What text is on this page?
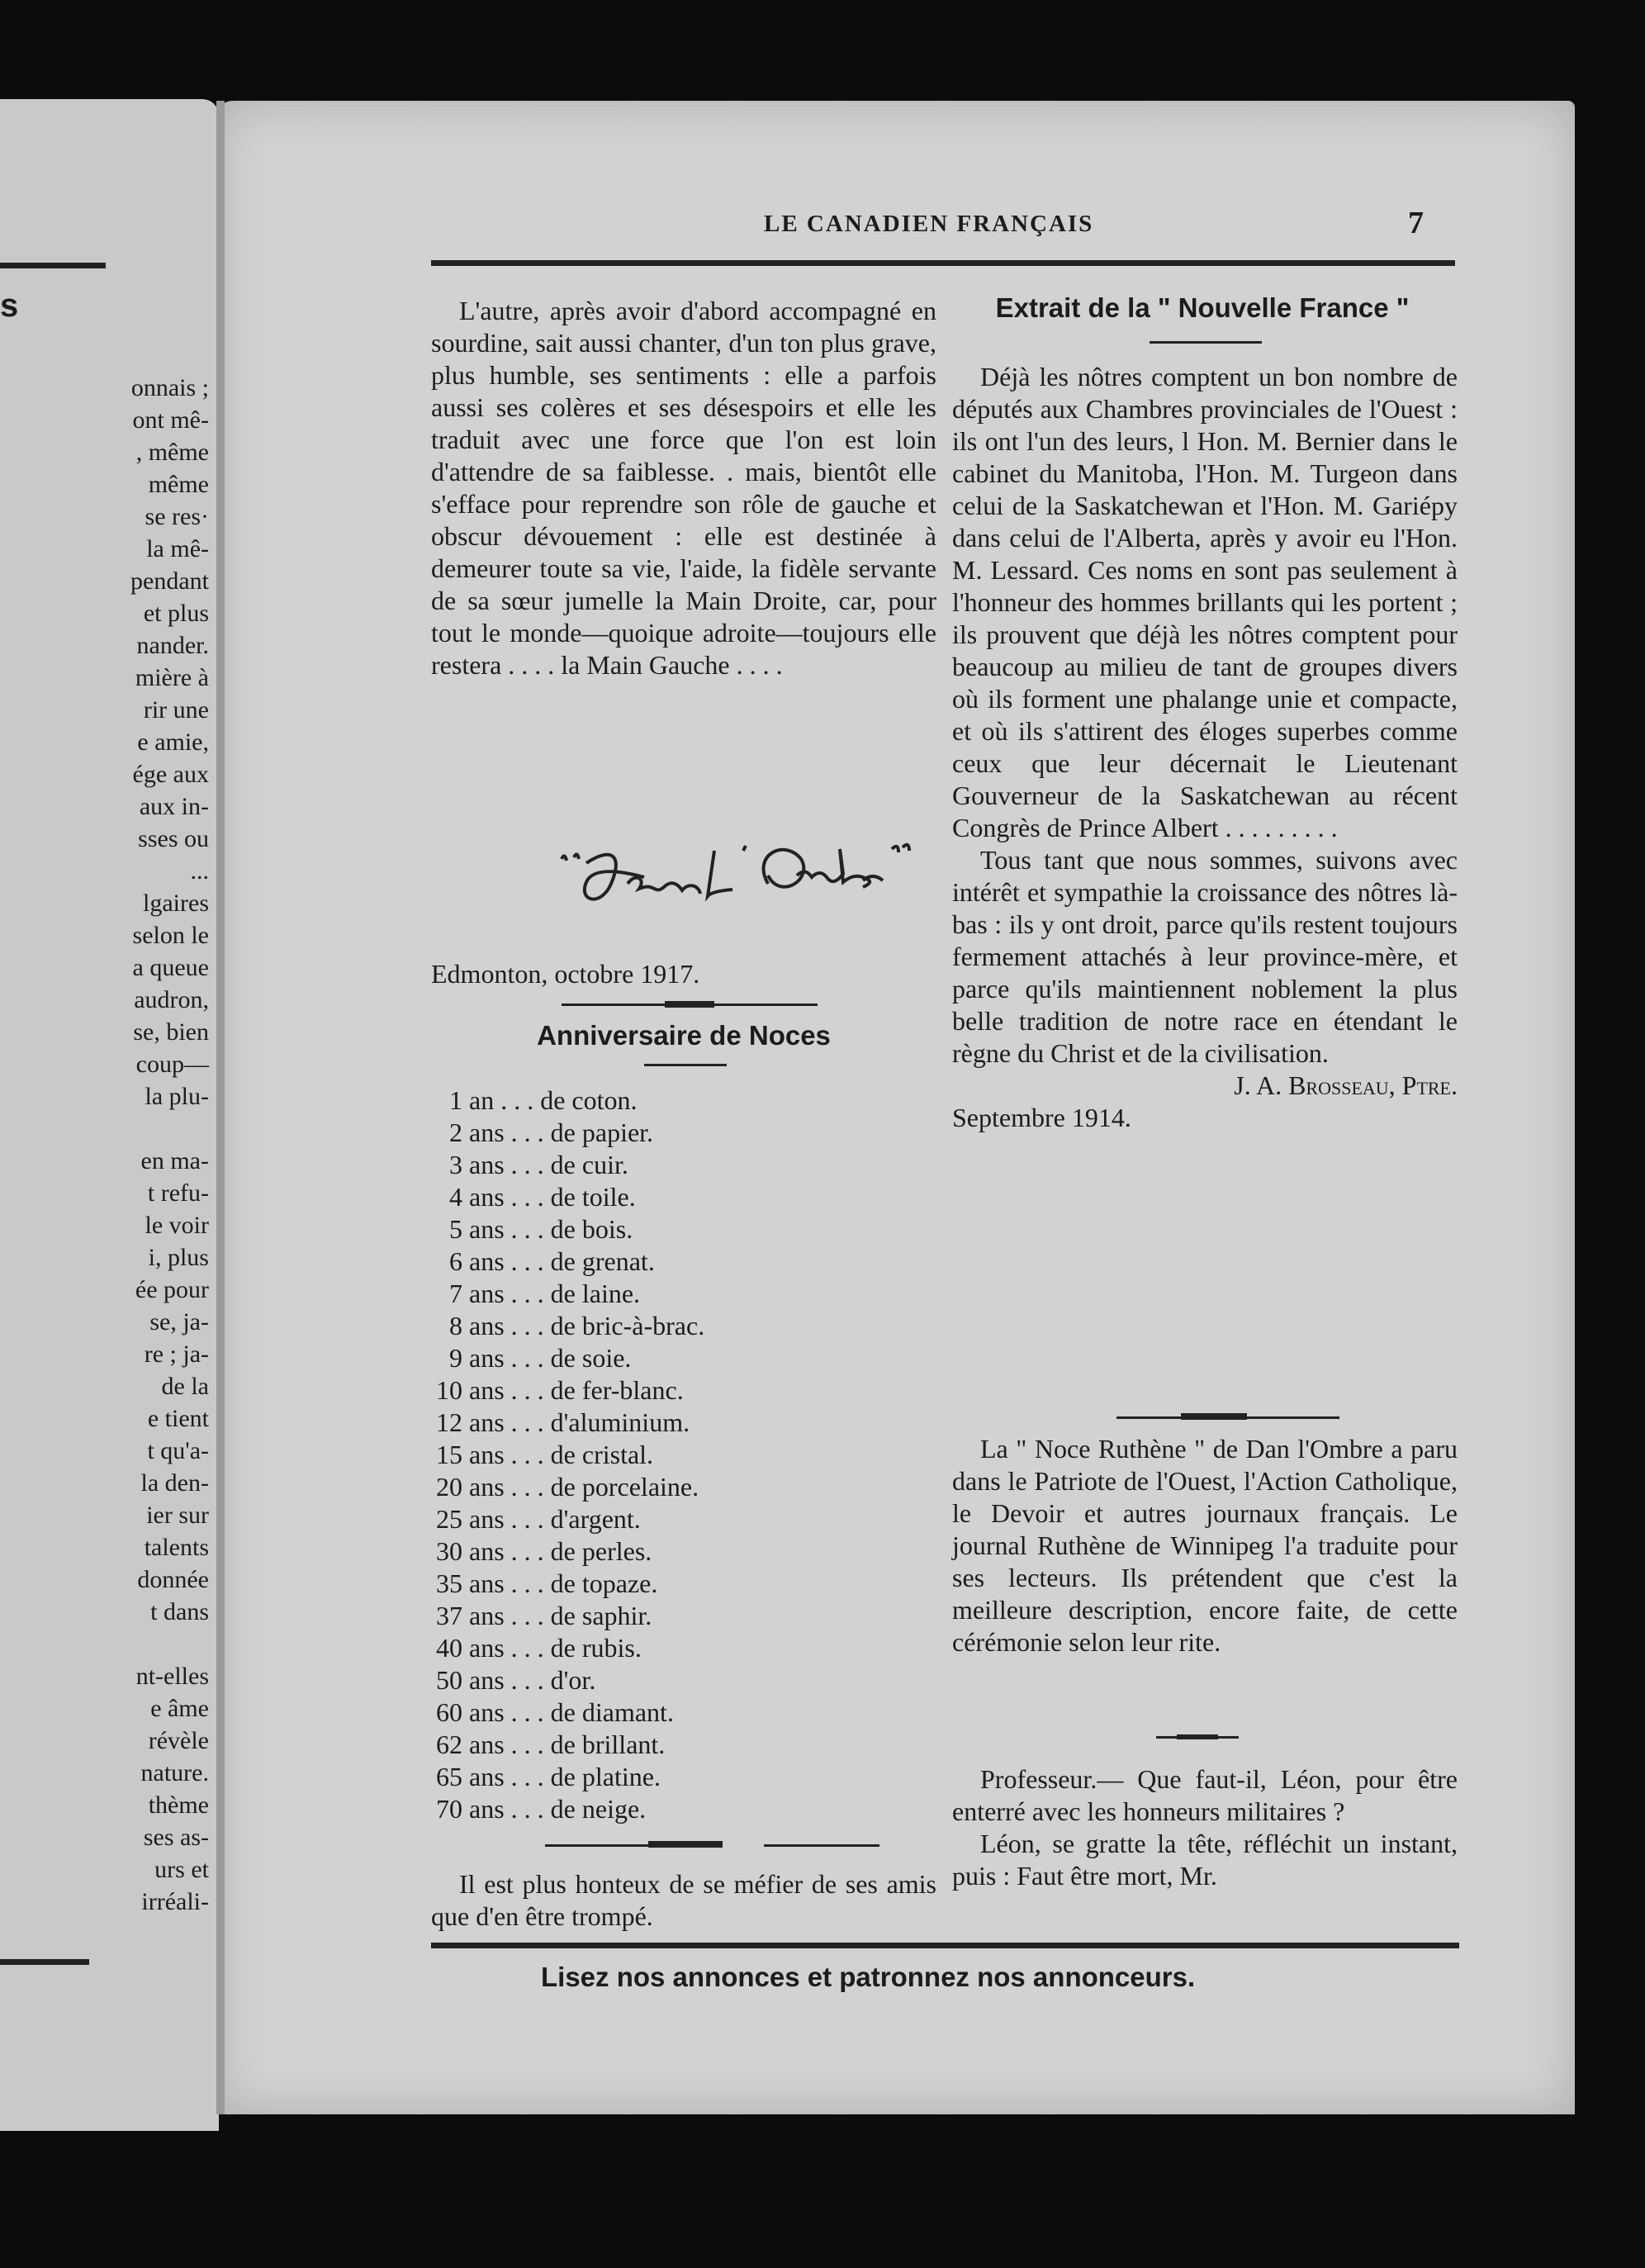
s
onnais ;
ont mê-
, même
même
se res·
la mê-
pendant
et plus
nander.
mière à
rir une
e amie,
ége aux
aux in-
sses ou
...
lgaires
selon le
a queue
audron,
se, bien
coup—
la plu-
en ma-
t refu-
le voir
i, plus
ée pour
se, ja-
re ; ja-
de la
e tient
t qu'a-
la den-
ier sur
talents
donnée
t dans
nt-elles
e âme
révèle
nature.
thème
ses as-
urs et
irréali-
LE CANADIEN FRANÇAIS	7

L'autre, après avoir d'abord accompagné en sourdine, sait aussi chanter, d'un ton plus grave, plus humble, ses sentiments : elle a parfois aussi ses colères et ses désespoirs et elle les traduit avec une force que l'on est loin d'attendre de sa faiblesse. . mais, bientôt elle s'efface pour reprendre son rôle de gauche et obscur dévouement : elle est destinée à demeurer toute sa vie, l'aide, la fidèle servante de sa sœur jumelle la Main Droite, car, pour tout le monde—quoique adroite—toujours elle restera . . . . la Main Gauche . . . .

Edmonton, octobre 1917.
Anniversaire de Noces
1 an . . . de coton.
2 ans . . . de papier.
3 ans . . . de cuir.
4 ans . . . de toile.
5 ans . . . de bois.
6 ans . . . de grenat.
7 ans . . . de laine.
8 ans . . . de bric-à-brac.
9 ans . . . de soie.
10 ans . . . de fer-blanc.
12 ans . . . d'aluminium.
15 ans . . . de cristal.
20 ans . . . de porcelaine.
25 ans . . . d'argent.
30 ans . . . de perles.
35 ans . . . de topaze.
37 ans . . . de saphir.
40 ans . . . de rubis.
50 ans . . . d'or.
60 ans . . . de diamant.
62 ans . . . de brillant.
65 ans . . . de platine.
70 ans . . . de neige.

Il est plus honteux de se méfier de ses amis que d'en être trompé.

Extrait de la " Nouvelle France "

Déjà les nôtres comptent un bon nombre de députés aux Chambres provinciales de l'Ouest : ils ont l'un des leurs, l Hon. M. Bernier dans le cabinet du Manitoba, l'Hon. M. Turgeon dans celui de la Saskatchewan et l'Hon. M. Gariépy dans celui de l'Alberta, après y avoir eu l'Hon. M. Lessard. Ces noms en sont pas seulement à l'honneur des hommes brillants qui les portent ; ils prouvent que déjà les nôtres comptent pour beaucoup au milieu de tant de groupes divers où ils forment une phalange unie et compacte, et où ils s'attirent des éloges superbes comme ceux que leur décernait le Lieutenant Gouverneur de la Saskatchewan au récent Congrès de Prince Albert . . . . . . . . .

Tous tant que nous sommes, suivons avec intérêt et sympathie la croissance des nôtres là-bas : ils y ont droit, parce qu'ils restent toujours fermement attachés à leur province-mère, et parce qu'ils maintiennent noblement la plus belle tradition de notre race en étendant le règne du Christ et de la civilisation.

J. A. Brosseau, Ptre.

Septembre 1914.

La " Noce Ruthène " de Dan l'Ombre a paru dans le Patriote de l'Ouest, l'Action Catholique, le Devoir et autres journaux français. Le journal Ruthène de Winnipeg l'a traduite pour ses lecteurs. Ils prétendent que c'est la meilleure description, encore faite, de cette cérémonie selon leur rite.

Professeur.— Que faut-il, Léon, pour être enterré avec les honneurs militaires ?

Léon, se gratte la tête, réfléchit un instant, puis : Faut être mort, Mr.

Lisez nos annonces et patronnez nos annonceurs.
